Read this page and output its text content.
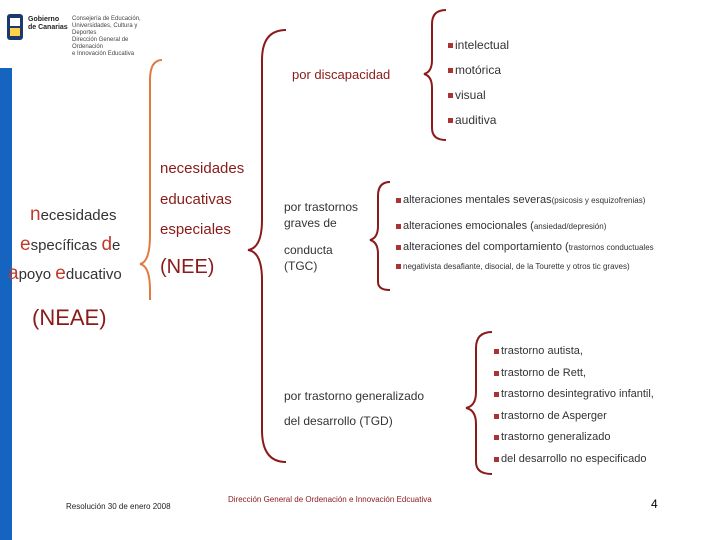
Gobierno
de Canarias
Consejería de Educación,
Universidades, Cultura y Deportes
Dirección General de Ordenación
e Innovación Educativa
necesidades
específicas de
apoyo educativo
(NEAE)
necesidades
educativas
especiales
(NEE)
por discapacidad
intelectual
motórica
visual
auditiva
por trastornos
graves de
conducta
(TGC)
alteraciones mentales severas(psicosis y esquizofrenias)
alteraciones emocionales (ansiedad/depresión)
alteraciones del comportamiento (trastornos conductuales
negativista desafiante, disocial, de la Tourette y otros tic graves)
por trastorno generalizado
del desarrollo (TGD)
trastorno autista,
trastorno de Rett,
trastorno desintegrativo infantil,
trastorno de Asperger
trastorno generalizado
del desarrollo no especificado
Resolución 30 de enero 2008
Dirección General de Ordenación e Innovación Edcuativa	4
